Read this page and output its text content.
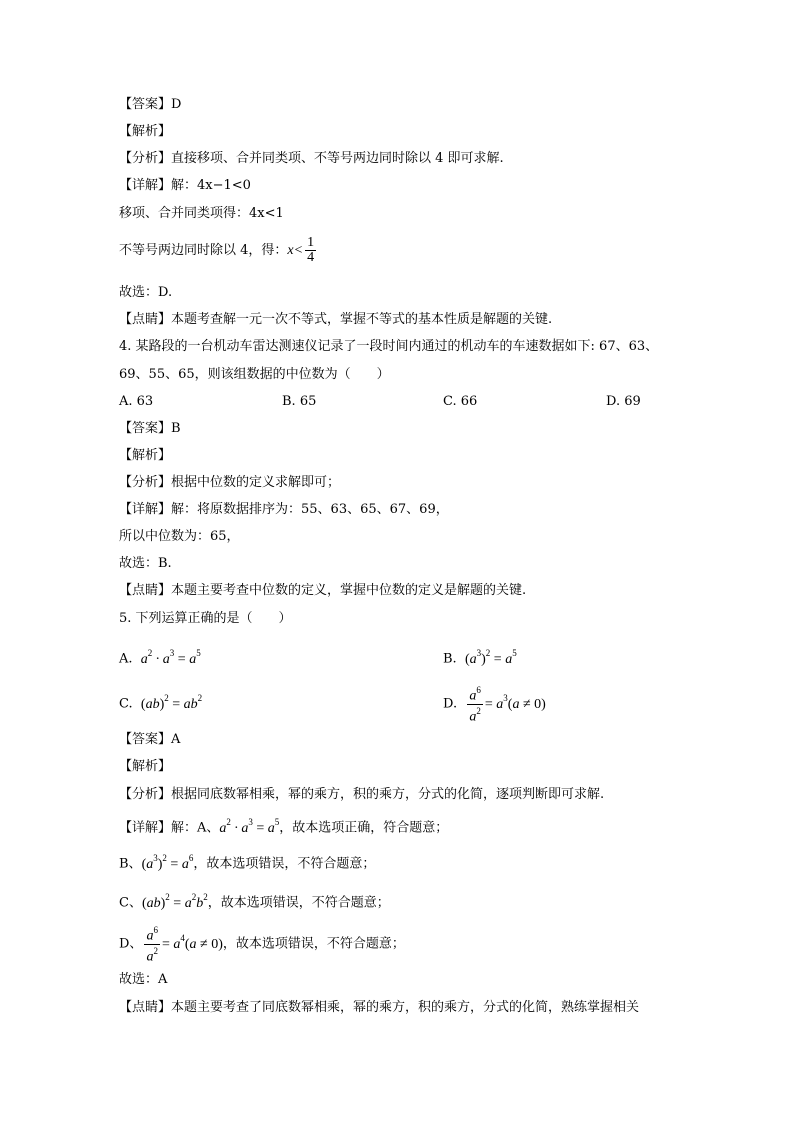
【答案】D
【解析】
【分析】直接移项、合并同类项、不等号两边同时除以 4 即可求解.
【详解】解：4x−1<0
移项、合并同类项得：4x<1
不等号两边同时除以 4，得：$x< \frac{1}{4}$
故选：D.
【点睛】本题考查解一元一次不等式，掌握不等式的基本性质是解题的关键.
4. 某路段的一台机动车雷达测速仪记录了一段时间内通过的机动车的车速数据如下: 67、63、
69、55、65，则该组数据的中位数为（　　）
A. 63	B. 65	C. 66	D. 69
【答案】B
【解析】
【分析】根据中位数的定义求解即可；
【详解】解：将原数据排序为：55、63、65、67、69，
所以中位数为：65，
故选：B.
【点睛】本题主要考查中位数的定义，掌握中位数的定义是解题的关键.
5. 下列运算正确的是（　　）
A. $a^2 \cdot a^3 = a^5$	B. $(a^3)^2 = a^5$
C. $(ab)^2 = ab^2$	D. $\frac{a^6}{a^2} = a^3(a \ne 0)$
【答案】A
【解析】
【分析】根据同底数幂相乘，幂的乘方，积的乘方，分式的化简，逐项判断即可求解.
【详解】解：A、$a^2 \cdot a^3 = a^5$，故本选项正确，符合题意；
B、$(a^3)^2 = a^6$，故本选项错误，不符合题意；
C、$(ab)^2 = a^2b^2$，故本选项错误，不符合题意；
D、 $\frac{a^6}{a^2} = a^4(a \ne 0)$，故本选项错误，不符合题意；
故选：A
【点睛】本题主要考查了同底数幂相乘，幂的乘方，积的乘方，分式的化简，熟练掌握相关
